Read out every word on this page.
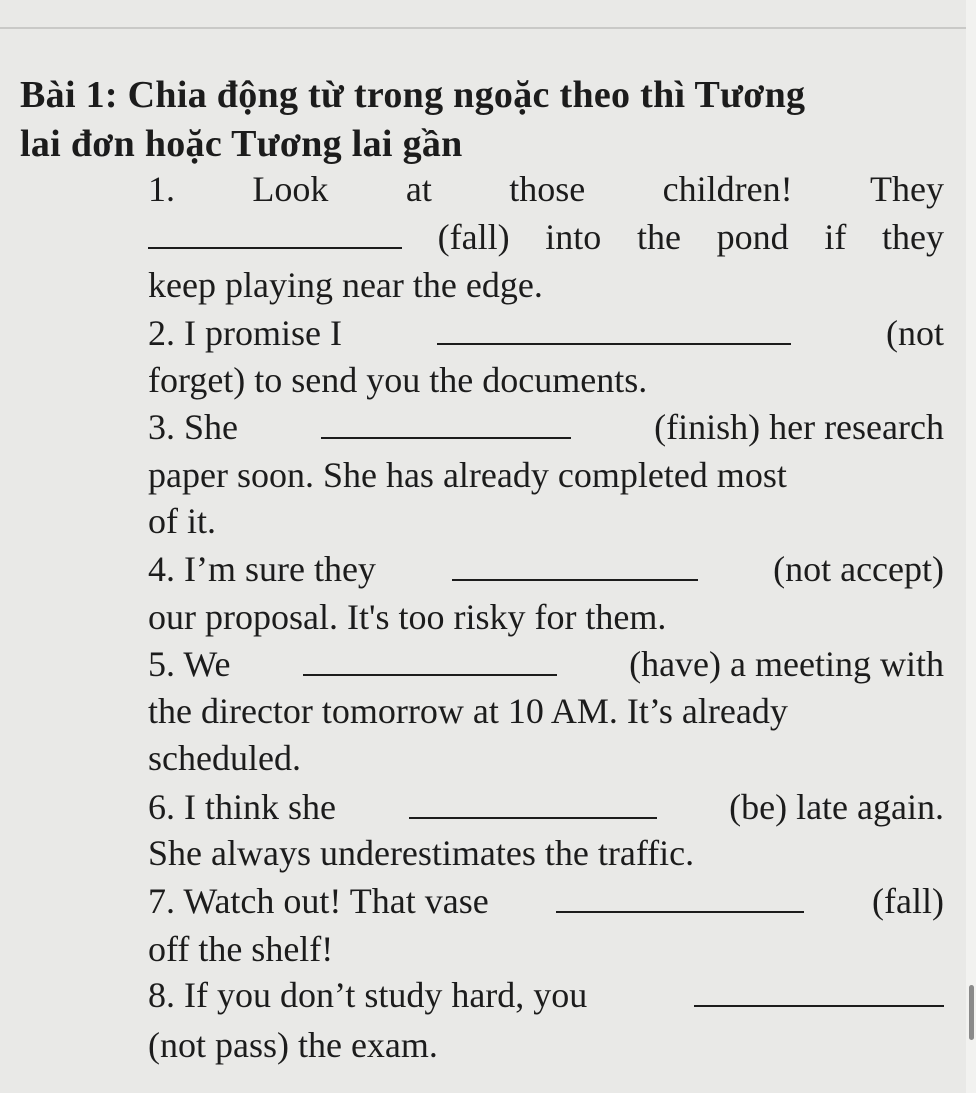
Bài 1: Chia động từ trong ngoặc theo thì Tương
lai đơn hoặc Tương lai gần
1. Look at those children! They
(fall) into the pond if they
keep playing near the edge.
2. I promise I	(not
forget) to send you the documents.
3. She	(finish) her research
paper soon. She has already completed most
of it.
4. I’m sure they	(not accept)
our proposal. It's too risky for them.
5. We	(have) a meeting with
the director tomorrow at 10 AM. It’s already
scheduled.
6. I think she	(be) late again.
She always underestimates the traffic.
7. Watch out! That vase	(fall)
off the shelf!
8. If you don’t study hard, you
(not pass) the exam.
